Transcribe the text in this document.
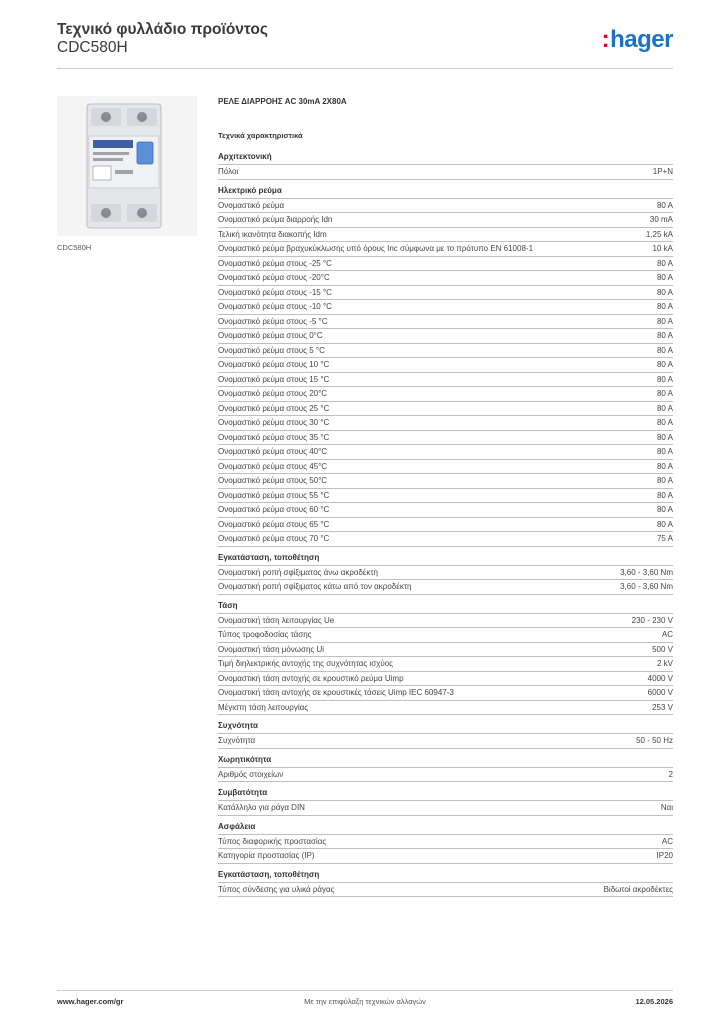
Τεχνικό φυλλάδιο προϊόντος
CDC580H	:hager
CDC580H
ΡΕΛΕ ΔΙΑΡΡΟΗΣ AC 30mA 2X80A
Τεχνικά χαρακτηριστικά
Αρχιτεκτονική
Πόλοι	1P+N
Ηλεκτρικό ρεύμα
Ονομαστικό ρεύμα	80 A
Ονομαστικό ρεύμα διαρροής Idn	30 mA
Τελική ικανότητα διακοπής Idm	1,25 kA
Ονομαστικό ρεύμα βραχυκύκλωσης υπό όρους Inc σύμφωνα με το πρότυπο EN 61008-1	10 kA
Ονομαστικό ρεύμα στους -25 °C	80 A
Ονομαστικό ρεύμα στους -20°C	80 A
Ονομαστικό ρεύμα στους -15 °C	80 A
Ονομαστικό ρεύμα στους -10 °C	80 A
Ονομαστικό ρεύμα στους -5 °C	80 A
Ονομαστικό ρεύμα στους 0°C	80 A
Ονομαστικό ρεύμα στους 5 °C	80 A
Ονομαστικό ρεύμα στους 10 °C	80 A
Ονομαστικό ρεύμα στους 15 °C	80 A
Ονομαστικό ρεύμα στους 20°C	80 A
Ονομαστικό ρεύμα στους 25 °C	80 A
Ονομαστικό ρεύμα στους 30 °C	80 A
Ονομαστικό ρεύμα στους 35 °C	80 A
Ονομαστικό ρεύμα στους 40°C	80 A
Ονομαστικό ρεύμα στους 45°C	80 A
Ονομαστικό ρεύμα στους 50°C	80 A
Ονομαστικό ρεύμα στους 55 °C	80 A
Ονομαστικό ρεύμα στους 60 °C	80 A
Ονομαστικό ρεύμα στους 65 °C	80 A
Ονομαστικό ρεύμα στους 70 °C	75 A
Εγκατάσταση, τοποθέτηση
Ονομαστική ροπή σφίξιματος άνω ακροδέκτη	3,60 - 3,60 Nm
Ονομαστική ροπή σφίξιματος κάτω από τον ακροδέκτη	3,60 - 3,60 Nm
Τάση
Ονομαστική τάση λειτουργίας Ue	230 - 230 V
Τύπος τροφοδοσίας τάσης	AC
Ονομαστική τάση μόνωσης Ui	500 V
Τιμή διηλεκτρικής αντοχής της συχνότητας ισχύος	2 kV
Ονομαστική τάση αντοχής σε κρουστικό ρεύμα Uimp	4000 V
Ονομαστική τάση αντοχής σε κρουστικές τάσεις Uimp IEC 60947-3	6000 V
Μέγιστη τάση λειτουργίας	253 V
Συχνότητα
Συχνότητα	50 - 50 Hz
Χωρητικότητα
Αριθμός στοιχείων	2
Συμβατότητα
Κατάλληλο για ράγα DIN	Ναι
Ασφάλεια
Τύπος διαφορικής προστασίας	AC
Κατηγορία προστασίας (IP)	IP20
Εγκατάσταση, τοποθέτηση
Τύπος σύνδεσης για υλικά ράγας	Βιδωτοί ακροδέκτες
www.hager.com/gr	Με την επιφύλαξη τεχνικών αλλαγών	12.05.2026
